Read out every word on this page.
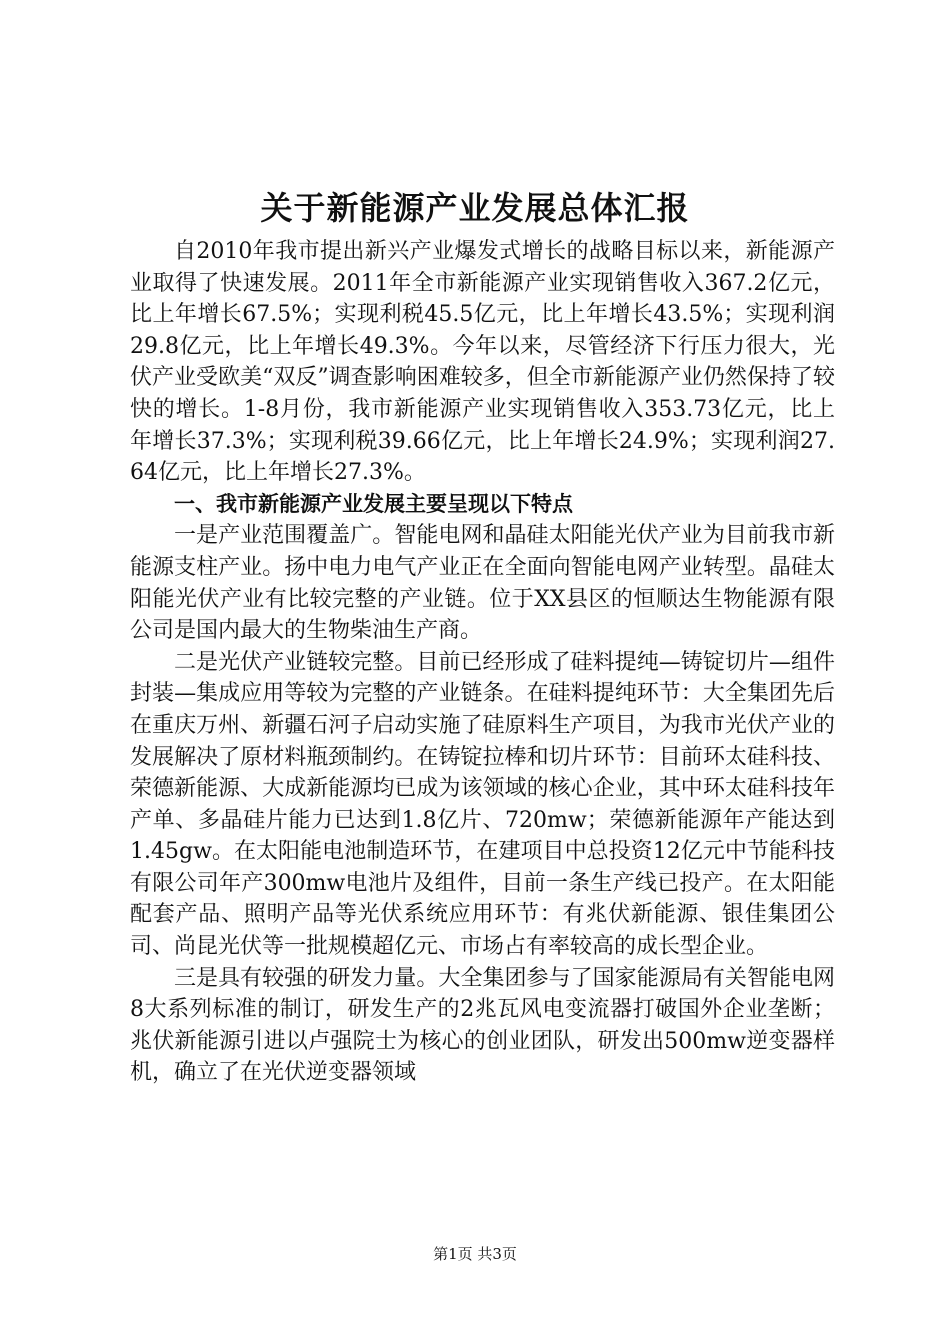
关于新能源产业发展总体汇报

自2010年我市提出新兴产业爆发式增长的战略目标以来，新能源产业取得了快速发展。2011年全市新能源产业实现销售收入367.2亿元，比上年增长67.5%；实现利税45.5亿元，比上年增长43.5%；实现利润29.8亿元，比上年增长49.3%。今年以来，尽管经济下行压力很大，光伏产业受欧美“双反”调查影响困难较多，但全市新能源产业仍然保持了较快的增长。1-8月份，我市新能源产业实现销售收入353.73亿元，比上年增长37.3%；实现利税39.66亿元，比上年增长24.9%；实现利润27.64亿元，比上年增长27.3%。

一、我市新能源产业发展主要呈现以下特点

一是产业范围覆盖广。智能电网和晶硅太阳能光伏产业为目前我市新能源支柱产业。扬中电力电气产业正在全面向智能电网产业转型。晶硅太阳能光伏产业有比较完整的产业链。位于XX县区的恒顺达生物能源有限公司是国内最大的生物柴油生产商。

二是光伏产业链较完整。目前已经形成了硅料提纯—铸锭切片—组件封装—集成应用等较为完整的产业链条。在硅料提纯环节：大全集团先后在重庆万州、新疆石河子启动实施了硅原料生产项目，为我市光伏产业的发展解决了原材料瓶颈制约。在铸锭拉棒和切片环节：目前环太硅科技、荣德新能源、大成新能源均已成为该领域的核心企业，其中环太硅科技年产单、多晶硅片能力已达到1.8亿片、720mw；荣德新能源年产能达到1.45gw。在太阳能电池制造环节，在建项目中总投资12亿元中节能科技有限公司年产300mw电池片及组件，目前一条生产线已投产。在太阳能配套产品、照明产品等光伏系统应用环节：有兆伏新能源、银佳集团公司、尚昆光伏等一批规模超亿元、市场占有率较高的成长型企业。

三是具有较强的研发力量。大全集团参与了国家能源局有关智能电网8大系列标准的制订，研发生产的2兆瓦风电变流器打破国外企业垄断；兆伏新能源引进以卢强院士为核心的创业团队，研发出500mw逆变器样机，确立了在光伏逆变器领域

第1页 共3页
